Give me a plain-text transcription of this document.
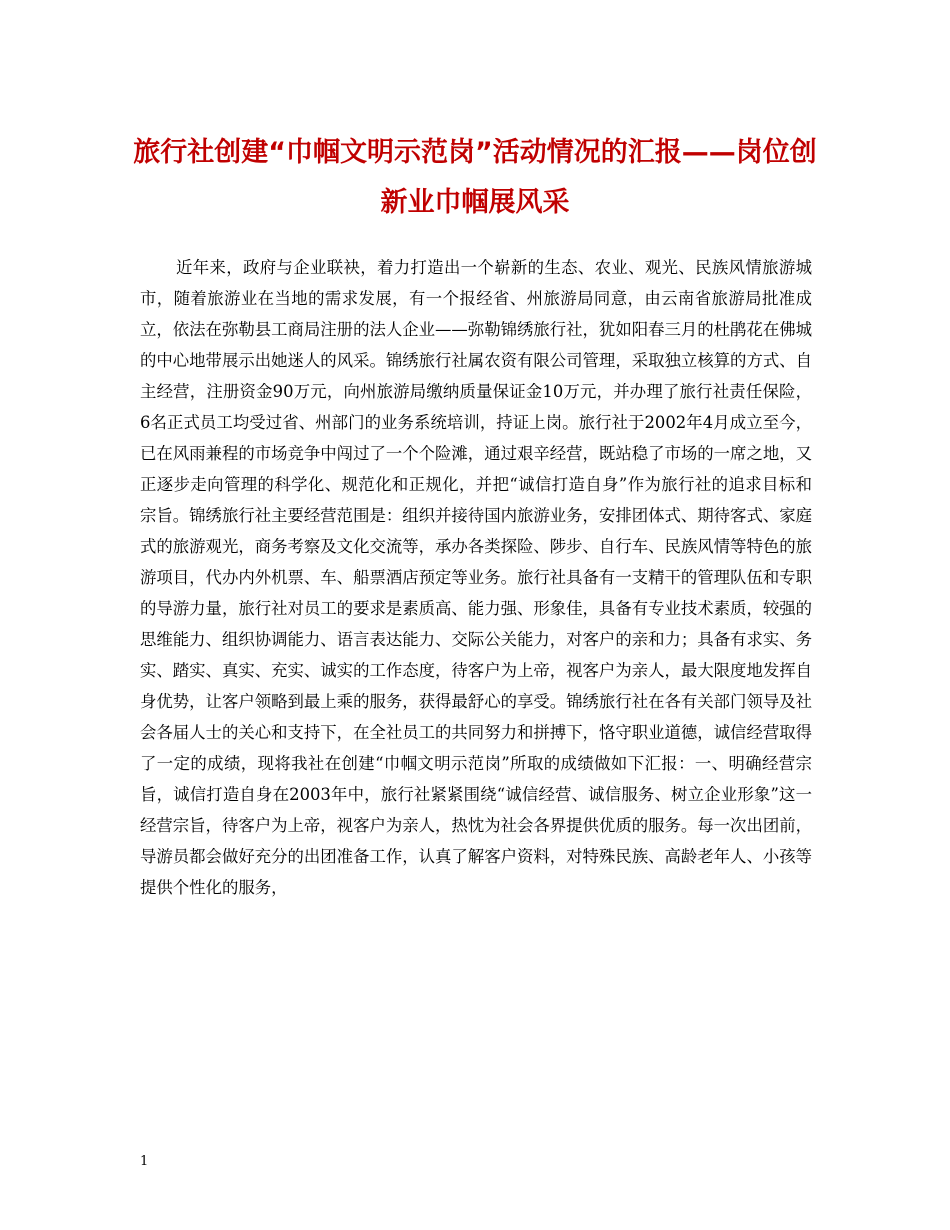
旅行社创建“巾帼文明示范岗”活动情况的汇报——岗位创新业巾帼展风采

近年来，政府与企业联袂，着力打造出一个崭新的生态、农业、观光、民族风情旅游城市，随着旅游业在当地的需求发展，有一个报经省、州旅游局同意，由云南省旅游局批准成立，依法在弥勒县工商局注册的法人企业——弥勒锦绣旅行社，犹如阳春三月的杜鹃花在佛城的中心地带展示出她迷人的风采。锦绣旅行社属农资有限公司管理，采取独立核算的方式、自主经营，注册资金90万元，向州旅游局缴纳质量保证金10万元，并办理了旅行社责任保险，6名正式员工均受过省、州部门的业务系统培训，持证上岗。旅行社于2002年4月成立至今，已在风雨兼程的市场竞争中闯过了一个个险滩，通过艰辛经营，既站稳了市场的一席之地，又正逐步走向管理的科学化、规范化和正规化，并把“诚信打造自身”作为旅行社的追求目标和宗旨。锦绣旅行社主要经营范围是：组织并接待国内旅游业务，安排团体式、期待客式、家庭式的旅游观光，商务考察及文化交流等，承办各类探险、陟步、自行车、民族风情等特色的旅游项目，代办内外机票、车、船票酒店预定等业务。旅行社具备有一支精干的管理队伍和专职的导游力量，旅行社对员工的要求是素质高、能力强、形象佳，具备有专业技术素质，较强的思维能力、组织协调能力、语言表达能力、交际公关能力，对客户的亲和力；具备有求实、务实、踏实、真实、充实、诚实的工作态度，待客户为上帝，视客户为亲人，最大限度地发挥自身优势，让客户领略到最上乘的服务，获得最舒心的享受。锦绣旅行社在各有关部门领导及社会各届人士的关心和支持下，在全社员工的共同努力和拼搏下，恪守职业道德，诚信经营取得了一定的成绩，现将我社在创建“巾帼文明示范岗”所取的成绩做如下汇报：一、明确经营宗旨，诚信打造自身在2003年中，旅行社紧紧围绕“诚信经营、诚信服务、树立企业形象”这一经营宗旨，待客户为上帝，视客户为亲人，热忱为社会各界提供优质的服务。每一次出团前，导游员都会做好充分的出团准备工作，认真了解客户资料，对特殊民族、高龄老年人、小孩等提供个性化的服务，

1
